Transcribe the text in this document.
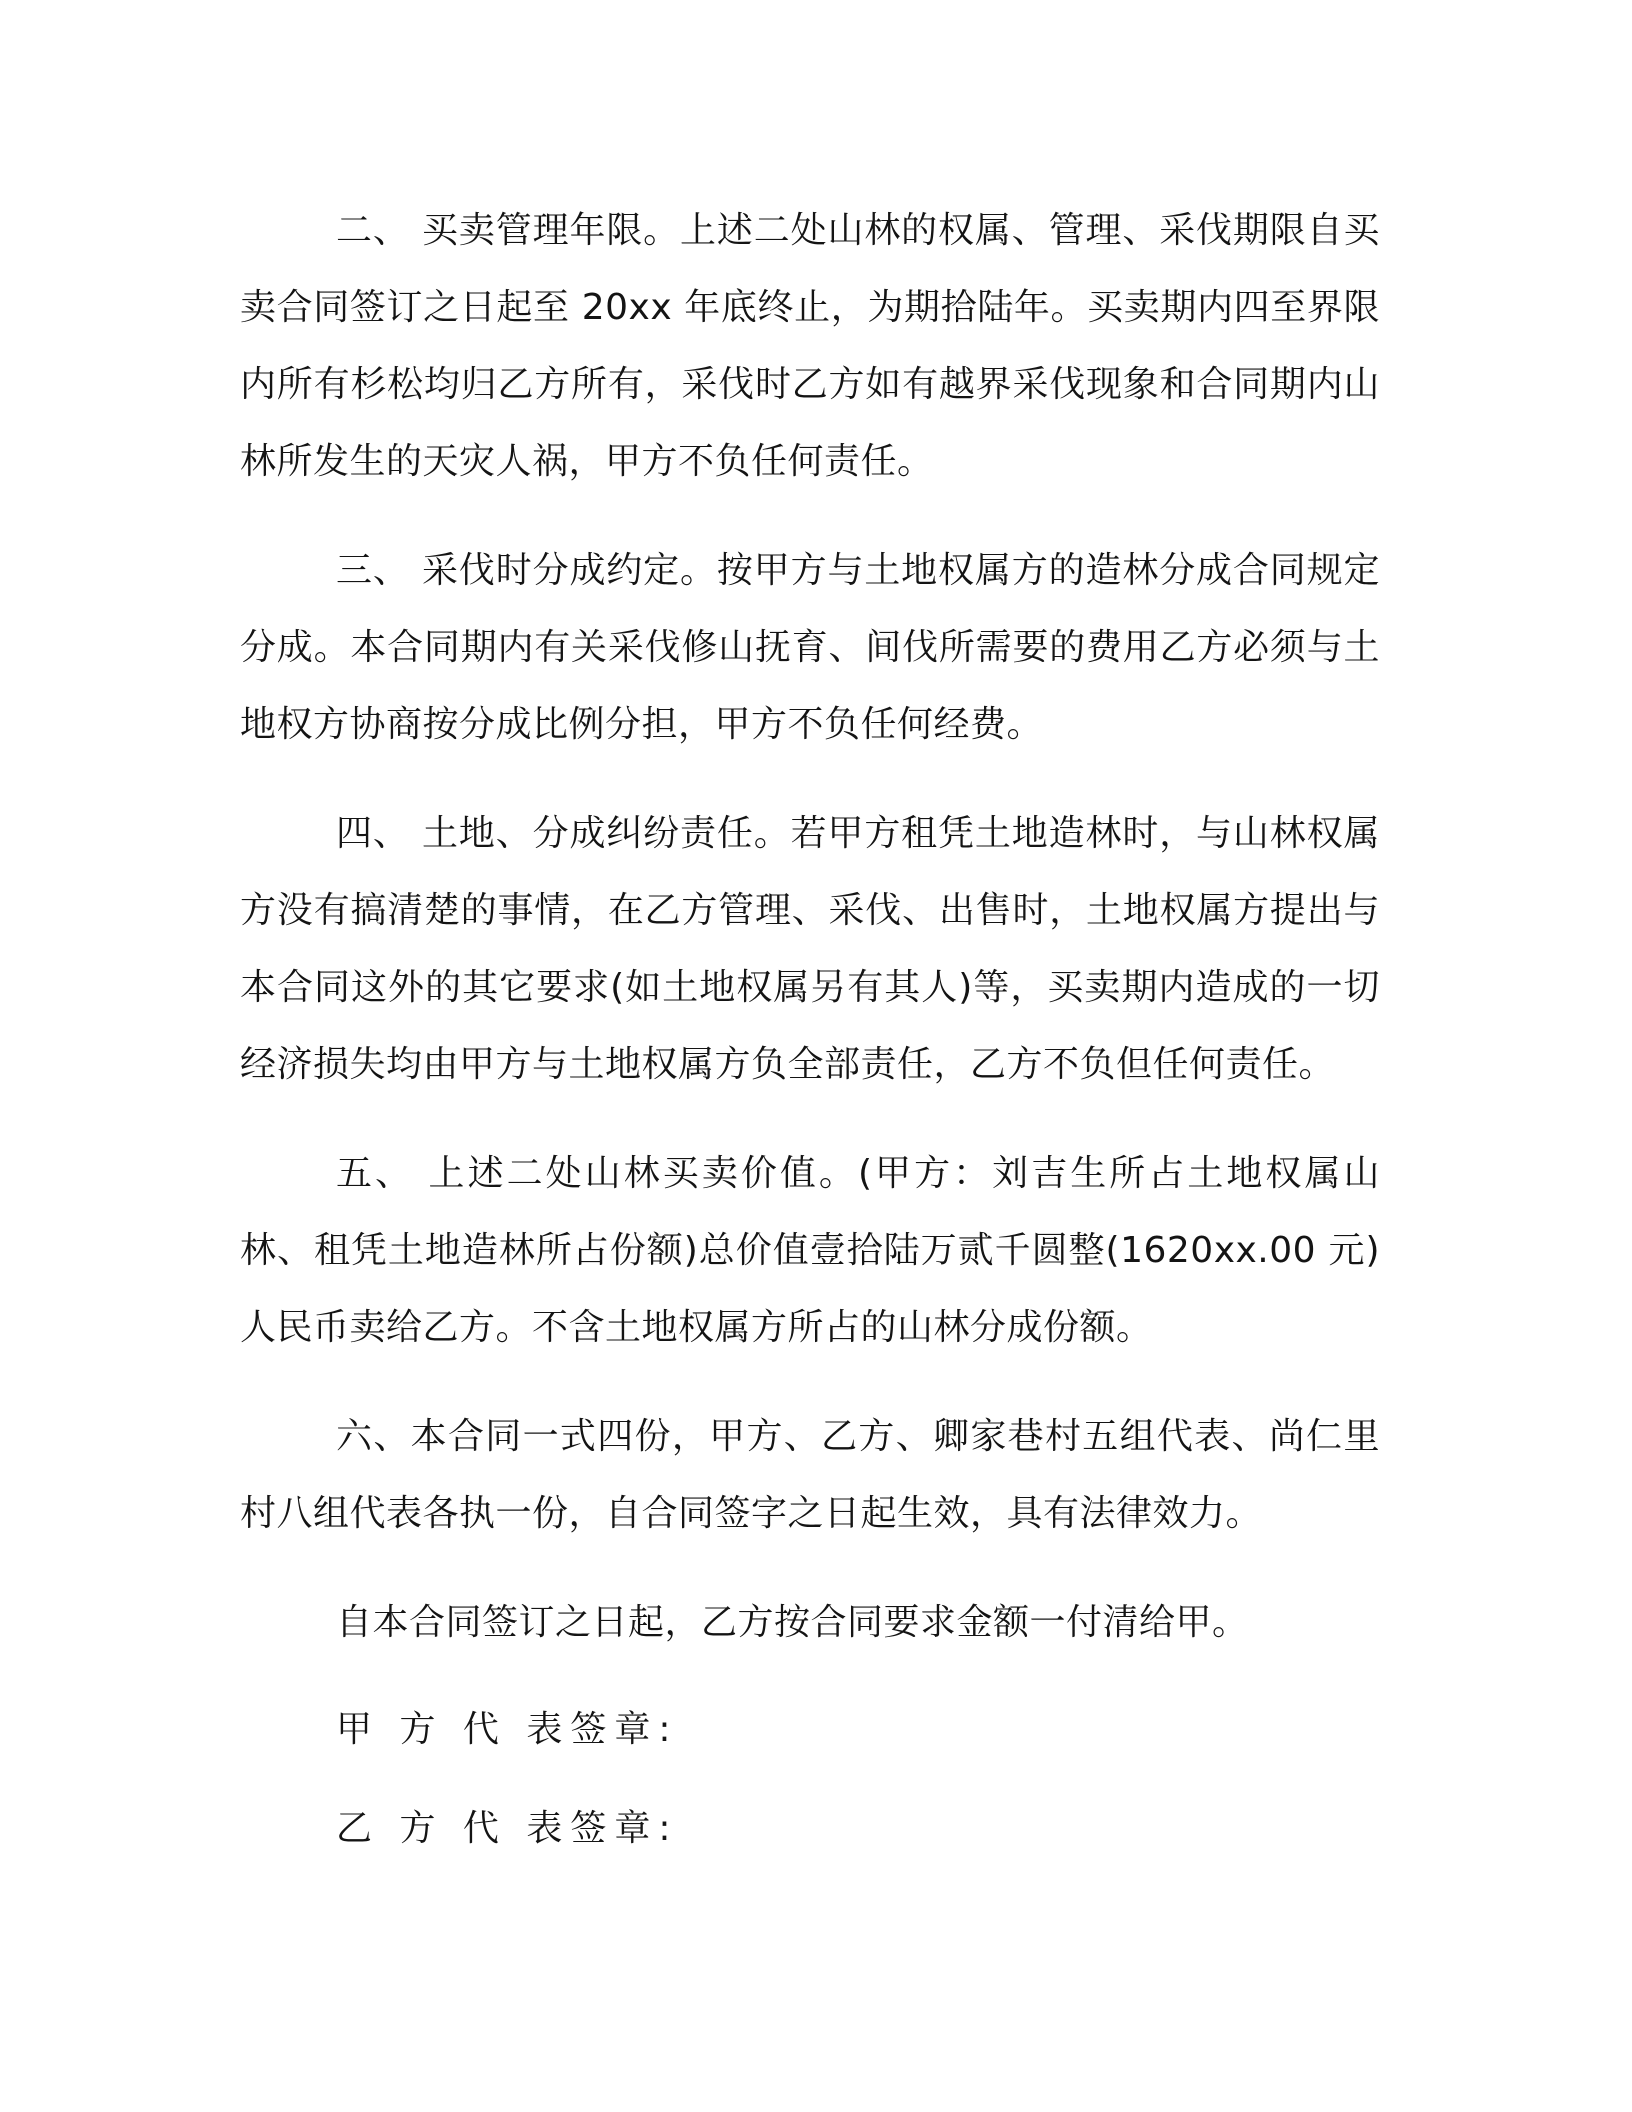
二、 买卖管理年限。上述二处山林的权属、管理、采伐期限自买卖合同签订之日起至 20xx 年底终止，为期拾陆年。买卖期内四至界限内所有杉松均归乙方所有，采伐时乙方如有越界采伐现象和合同期内山林所发生的天灾人祸，甲方不负任何责任。

三、 采伐时分成约定。按甲方与土地权属方的造林分成合同规定分成。本合同期内有关采伐修山抚育、间伐所需要的费用乙方必须与土地权方协商按分成比例分担，甲方不负任何经费。

四、 土地、分成纠纷责任。若甲方租凭土地造林时，与山林权属方没有搞清楚的事情，在乙方管理、采伐、出售时，土地权属方提出与本合同这外的其它要求(如土地权属另有其人)等，买卖期内造成的一切经济损失均由甲方与土地权属方负全部责任，乙方不负但任何责任。

五、 上述二处山林买卖价值。(甲方：刘吉生所占土地权属山林、租凭土地造林所占份额)总价值壹拾陆万贰千圆整(1620xx.00 元)人民币卖给乙方。不含土地权属方所占的山林分成份额。

六、本合同一式四份，甲方、乙方、卿家巷村五组代表、尚仁里村八组代表各执一份，自合同签字之日起生效，具有法律效力。

自本合同签订之日起，乙方按合同要求金额一付清给甲。

甲 方 代 表签章:

乙 方 代 表签章:
